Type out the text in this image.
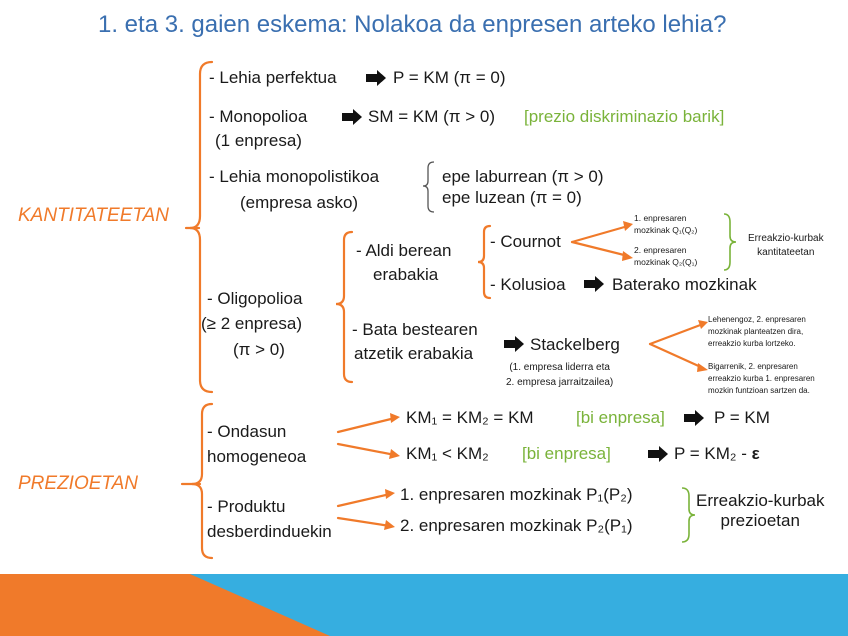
1. eta 3. gaien eskema: Nolakoa da enpresen arteko lehia?
KANTITATEETAN
PREZIOETAN
- Lehia perfektua	P = KM (π = 0)
- Monopolioa
(1 enpresa)
SM = KM (π > 0) [prezio diskriminazio barik]
- Lehia monopolistikoa
(empresa asko)
epe laburrean (π > 0)
epe luzean (π = 0)
- Oligopolioa
(≥ 2 enpresa)
(π > 0)
- Aldi berean
erabakia
- Cournot
1. enpresaren
mozkinak Q₁(Q₂)
2. enpresaren
mozkinak Q₂(Q₁)
Erreakzio-kurbak
kantitateetan
- Kolusioa	Baterako mozkinak
- Bata bestearen
atzetik erabakia	Stackelberg
(1. empresa liderra eta
2. empresa jarraitzailea)
Lehenengoz, 2. enpresaren
mozkinak planteatzen dira,
erreakzio kurba lortzeko.
Bigarrenik, 2. enpresaren
erreakzio kurba 1. enpresaren
mozkin funtzioan sartzen da.
- Ondasun
homogeneoa
KM₁ = KM₂ = KM [bi enpresa]	P = KM
KM₁ < KM₂ [bi enpresa]	P = KM₂ - ε
- Produktu
desberdinduekin
1. enpresaren mozkinak P₁(P₂)
2. enpresaren mozkinak P₂(P₁)
Erreakzio-kurbak
prezioetan
